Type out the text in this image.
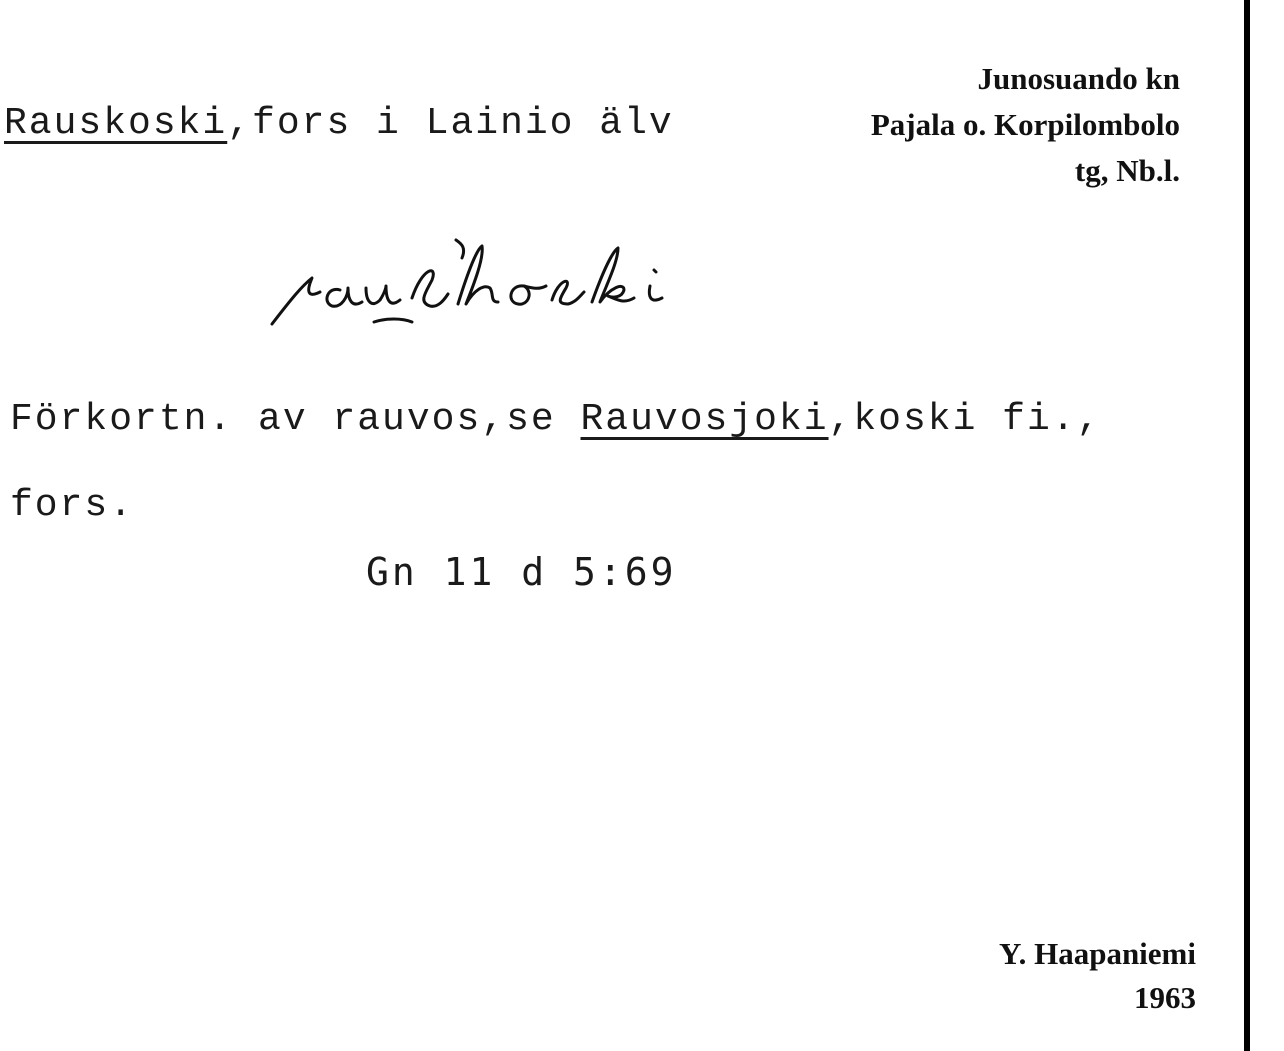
Rauskoski,fors i Lainio älv
Junosuando kn
Pajala o. Korpilombolo
tg, Nb.l.
Förkortn. av rauvos,se Rauvosjoki,koski fi.,
fors.
Gn 11 d 5:69
Y. Haapaniemi
1963
